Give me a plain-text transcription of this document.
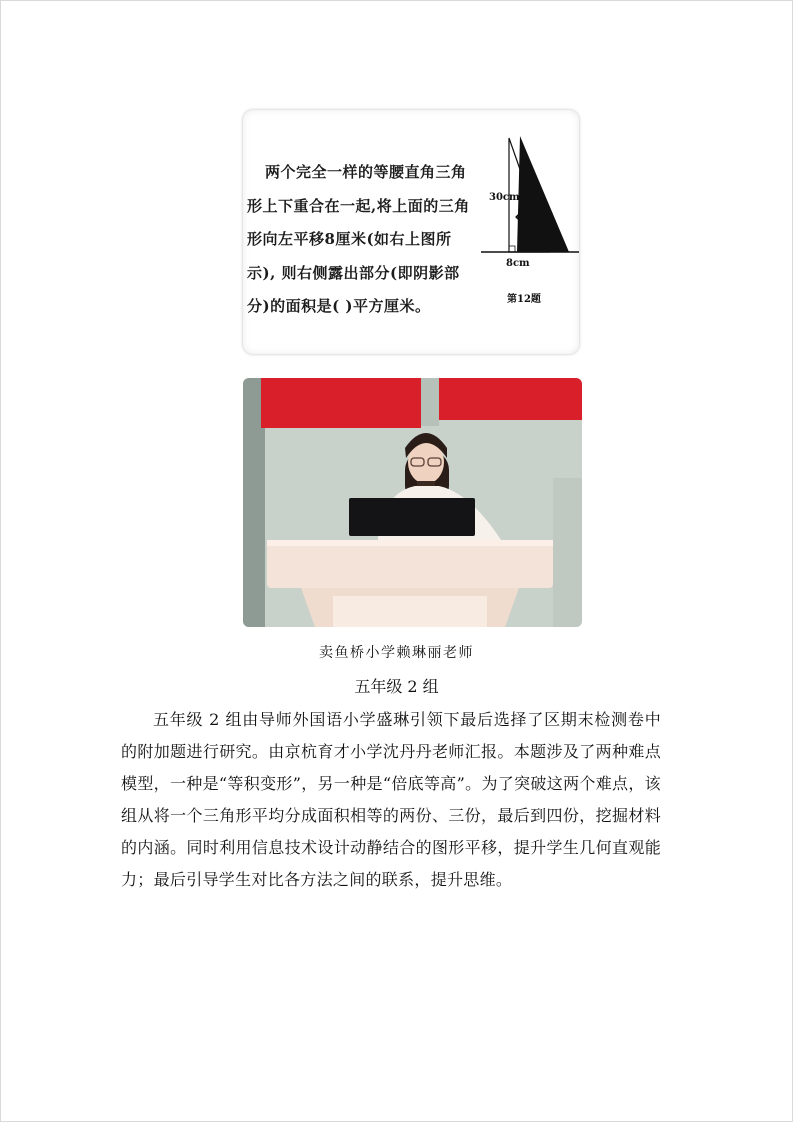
两个完全一样的等腰直角三角形上下重合在一起,将上面的三角形向左平移8厘米(如右上图所示), 则右侧露出部分(即阴影部分)的面积是( )平方厘米。
30cm
8cm
第12题
卖鱼桥小学赖琳丽老师
五年级 2 组
五年级 2 组由导师外国语小学盛琳引领下最后选择了区期末检测卷中的附加题进行研究。由京杭育才小学沈丹丹老师汇报。本题涉及了两种难点模型，一种是“等积变形”，另一种是“倍底等高”。为了突破这两个难点，该组从将一个三角形平均分成面积相等的两份、三份，最后到四份，挖掘材料的内涵。同时利用信息技术设计动静结合的图形平移，提升学生几何直观能力；最后引导学生对比各方法之间的联系，提升思维。
